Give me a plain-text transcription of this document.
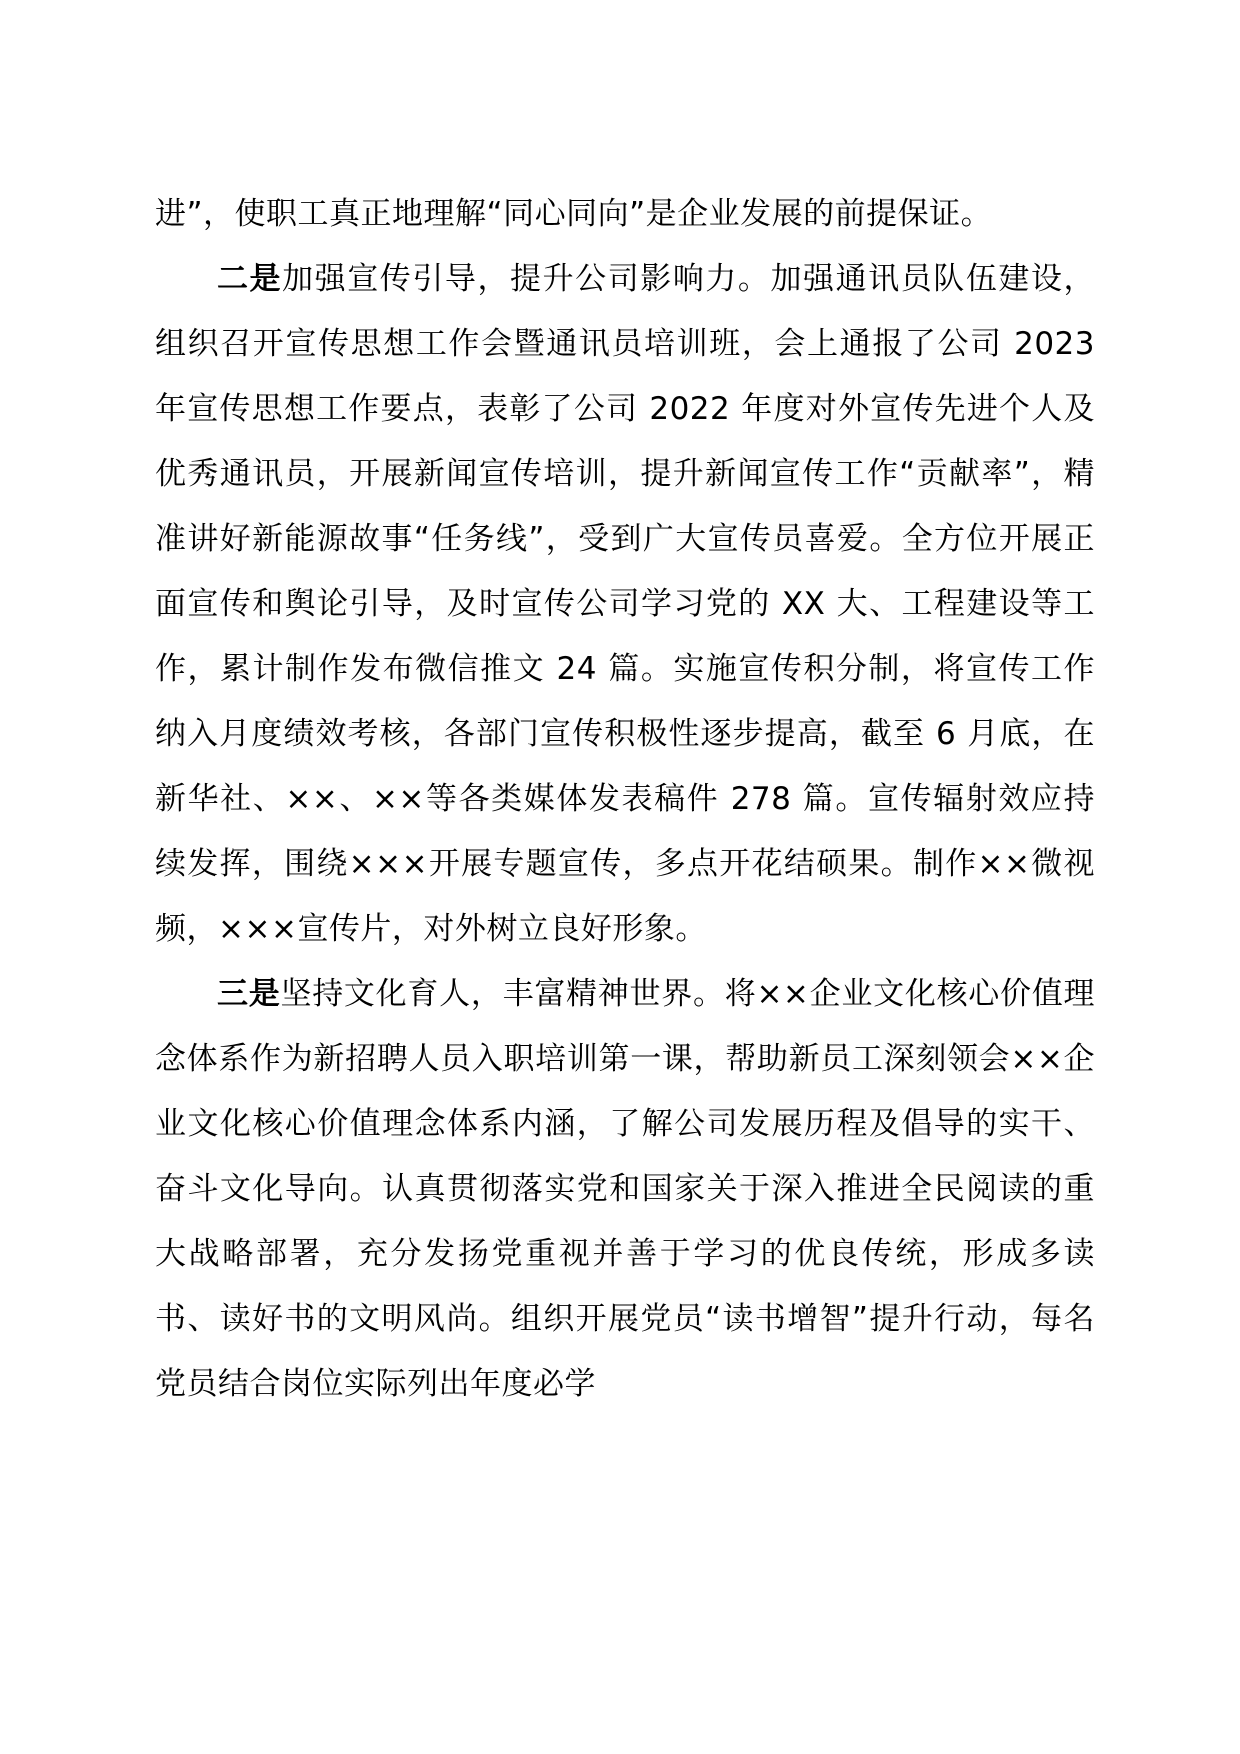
进”，使职工真正地理解“同心同向”是企业发展的前提保证。

二是加强宣传引导，提升公司影响力。加强通讯员队伍建设，组织召开宣传思想工作会暨通讯员培训班，会上通报了公司 2023 年宣传思想工作要点，表彰了公司 2022 年度对外宣传先进个人及优秀通讯员，开展新闻宣传培训，提升新闻宣传工作“贡献率”，精准讲好新能源故事“任务线”，受到广大宣传员喜爱。全方位开展正面宣传和舆论引导，及时宣传公司学习党的 XX 大、工程建设等工作，累计制作发布微信推文 24 篇。实施宣传积分制，将宣传工作纳入月度绩效考核，各部门宣传积极性逐步提高，截至 6 月底，在新华社、××、××等各类媒体发表稿件 278 篇。宣传辐射效应持续发挥，围绕×××开展专题宣传，多点开花结硕果。制作××微视频，×××宣传片，对外树立良好形象。

三是坚持文化育人，丰富精神世界。将××企业文化核心价值理念体系作为新招聘人员入职培训第一课，帮助新员工深刻领会××企业文化核心价值理念体系内涵，了解公司发展历程及倡导的实干、奋斗文化导向。认真贯彻落实党和国家关于深入推进全民阅读的重大战略部署，充分发扬党重视并善于学习的优良传统，形成多读书、读好书的文明风尚。组织开展党员“读书增智”提升行动，每名党员结合岗位实际列出年度必学
